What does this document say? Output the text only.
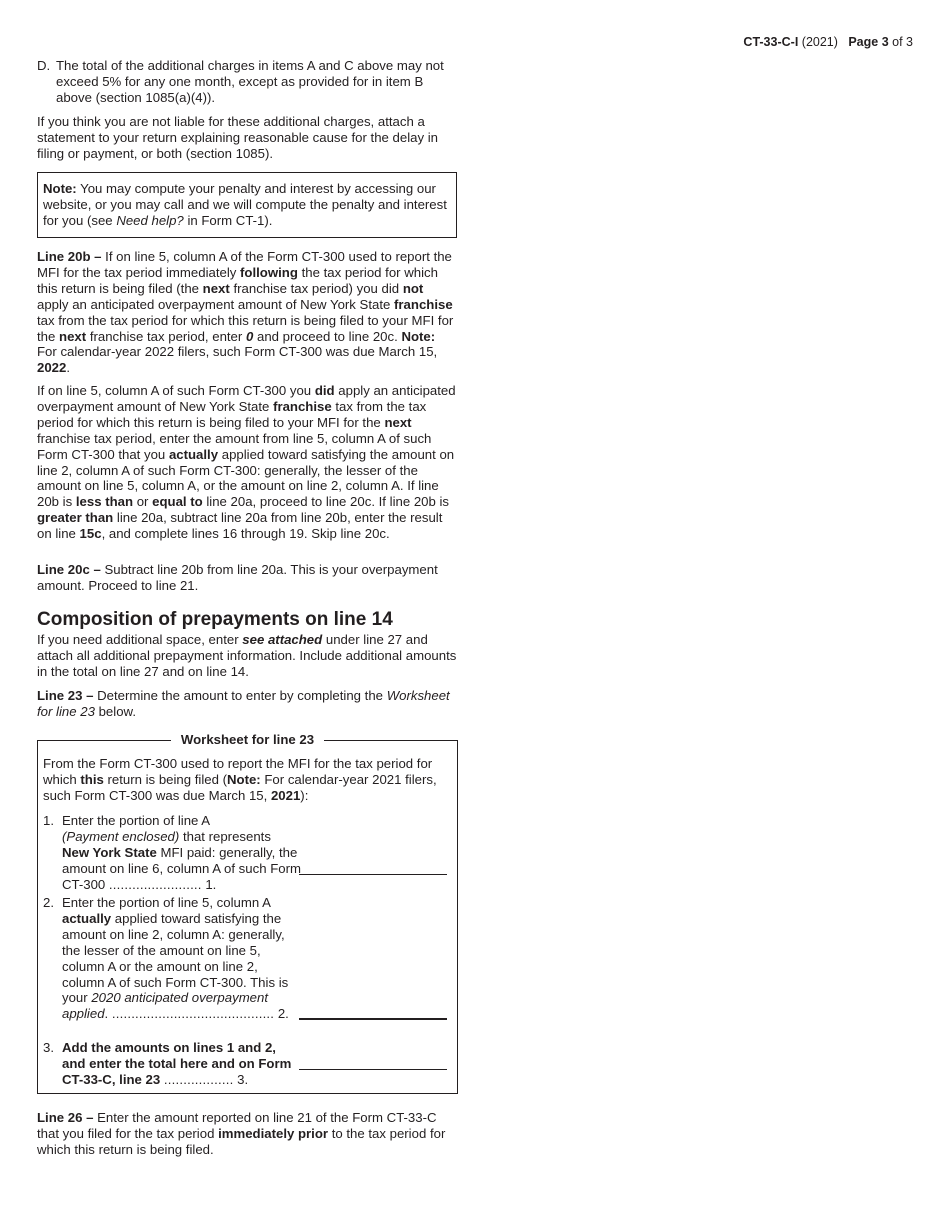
CT-33-C-I (2021) Page 3 of 3
D. The total of the additional charges in items A and C above may not exceed 5% for any one month, except as provided for in item B above (section 1085(a)(4)).

If you think you are not liable for these additional charges, attach a statement to your return explaining reasonable cause for the delay in filing or payment, or both (section 1085).

Note: You may compute your penalty and interest by accessing our website, or you may call and we will compute the penalty and interest for you (see Need help? in Form CT-1).

Line 20b – If on line 5, column A of the Form CT-300 used to report the MFI for the tax period immediately following the tax period for which this return is being filed (the next franchise tax period) you did not apply an anticipated overpayment amount of New York State franchise tax from the tax period for which this return is being filed to your MFI for the next franchise tax period, enter 0 and proceed to line 20c. Note: For calendar-year 2022 filers, such Form CT-300 was due March 15, 2022.

If on line 5, column A of such Form CT-300 you did apply an anticipated overpayment amount of New York State franchise tax from the tax period for which this return is being filed to your MFI for the next franchise tax period, enter the amount from line 5, column A of such Form CT-300 that you actually applied toward satisfying the amount on line 2, column A of such Form CT-300: generally, the lesser of the amount on line 5, column A, or the amount on line 2, column A. If line 20b is less than or equal to line 20a, proceed to line 20c. If line 20b is greater than line 20a, subtract line 20a from line 20b, enter the result on line 15c, and complete lines 16 through 19. Skip line 20c.

Line 20c – Subtract line 20b from line 20a. This is your overpayment amount. Proceed to line 21.

Composition of prepayments on line 14

If you need additional space, enter see attached under line 27 and attach all additional prepayment information. Include additional amounts in the total on line 27 and on line 14.

Line 23 – Determine the amount to enter by completing the Worksheet for line 23 below.

Worksheet for line 23

From the Form CT-300 used to report the MFI for the tax period for which this return is being filed (Note: For calendar-year 2021 filers, such Form CT-300 was due March 15, 2021):

1. Enter the portion of line A
(Payment enclosed) that represents
New York State MFI paid: generally, the amount on line 6, column A of such Form CT-300 ........................ 1.

2. Enter the portion of line 5, column A actually applied toward satisfying the amount on line 2, column A: generally, the lesser of the amount on line 5, column A or the amount on line 2, column A of such Form CT-300. This is your 2020 anticipated overpayment applied. .......................................... 2.

3. Add the amounts on lines 1 and 2, and enter the total here and on Form CT-33-C, line 23 .................. 3.

Line 26 – Enter the amount reported on line 21 of the Form CT-33-C that you filed for the tax period immediately prior to the tax period for which this return is being filed.
